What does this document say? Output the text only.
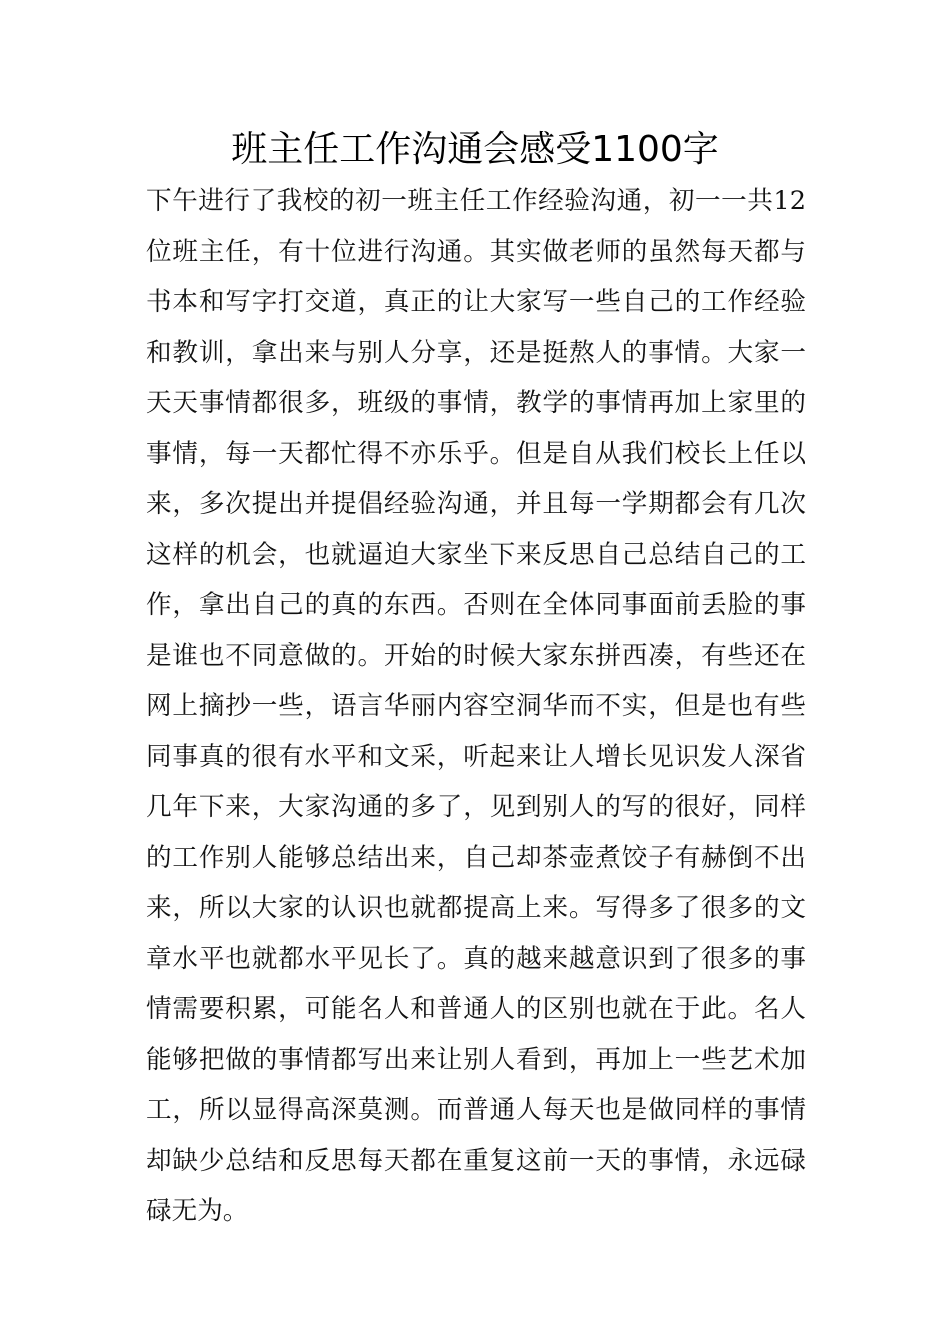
班主任工作沟通会感受1100字
下午进行了我校的初一班主任工作经验沟通，初一一共12
位班主任，有十位进行沟通。其实做老师的虽然每天都与
书本和写字打交道，真正的让大家写一些自己的工作经验
和教训，拿出来与别人分享，还是挺熬人的事情。大家一
天天事情都很多，班级的事情，教学的事情再加上家里的
事情，每一天都忙得不亦乐乎。但是自从我们校长上任以
来，多次提出并提倡经验沟通，并且每一学期都会有几次
这样的机会，也就逼迫大家坐下来反思自己总结自己的工
作，拿出自己的真的东西。否则在全体同事面前丢脸的事
是谁也不同意做的。开始的时候大家东拼西凑，有些还在
网上摘抄一些，语言华丽内容空洞华而不实，但是也有些
同事真的很有水平和文采，听起来让人增长见识发人深省
几年下来，大家沟通的多了，见到别人的写的很好，同样
的工作别人能够总结出来，自己却茶壶煮饺子有赫倒不出
来，所以大家的认识也就都提高上来。写得多了很多的文
章水平也就都水平见长了。真的越来越意识到了很多的事
情需要积累，可能名人和普通人的区别也就在于此。名人
能够把做的事情都写出来让别人看到，再加上一些艺术加
工，所以显得高深莫测。而普通人每天也是做同样的事情
却缺少总结和反思每天都在重复这前一天的事情，永远碌
碌无为。
